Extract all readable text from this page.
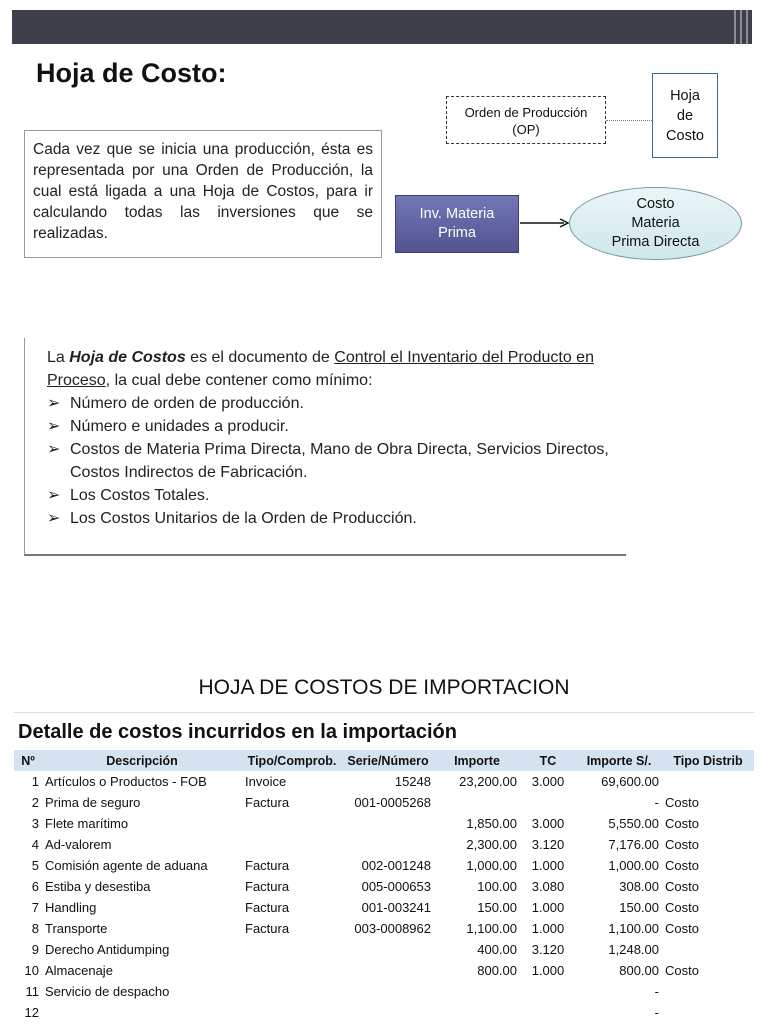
Hoja de Costo:
Cada vez que se inicia una producción, ésta es representada por una Orden de Producción, la cual está ligada a una Hoja de Costos, para ir calculando todas las inversiones que se realizadas.
Orden de Producción
(OP)
Hoja
de
Costo
Inv. Materia
Prima
Costo
Materia
Prima Directa

La Hoja de Costos es el documento de Control el Inventario del Producto en Proceso, la cual debe contener como mínimo:

➢ Número de orden de producción.
➢ Número e unidades a producir.
➢ Costos de Materia Prima Directa, Mano de Obra Directa, Servicios Directos, Costos Indirectos de Fabricación.
➢ Los Costos Totales.
➢ Los Costos Unitarios de la Orden de Producción.
HOJA DE COSTOS DE IMPORTACION
Detalle de costos incurridos en la importación
Nº	Descripción	Tipo/Comprob.	Serie/Número	Importe	TC	Importe S/.	Tipo Distrib
1	Artículos o Productos - FOB	Invoice	15248	23,200.00	3.000	69,600.00	
2	Prima de seguro	Factura	001-0005268			-	Costo
3	Flete marítimo			1,850.00	3.000	5,550.00	Costo
4	Ad-valorem			2,300.00	3.120	7,176.00	Costo
5	Comisión agente de aduana	Factura	002-001248	1,000.00	1.000	1,000.00	Costo
6	Estiba y desestiba	Factura	005-000653	100.00	3.080	308.00	Costo
7	Handling	Factura	001-003241	150.00	1.000	150.00	Costo
8	Transporte	Factura	003-0008962	1,100.00	1.000	1,100.00	Costo
9	Derecho Antidumping			400.00	3.120	1,248.00	
10	Almacenaje			800.00	1.000	800.00	Costo
11	Servicio de despacho					-	
12						-	
